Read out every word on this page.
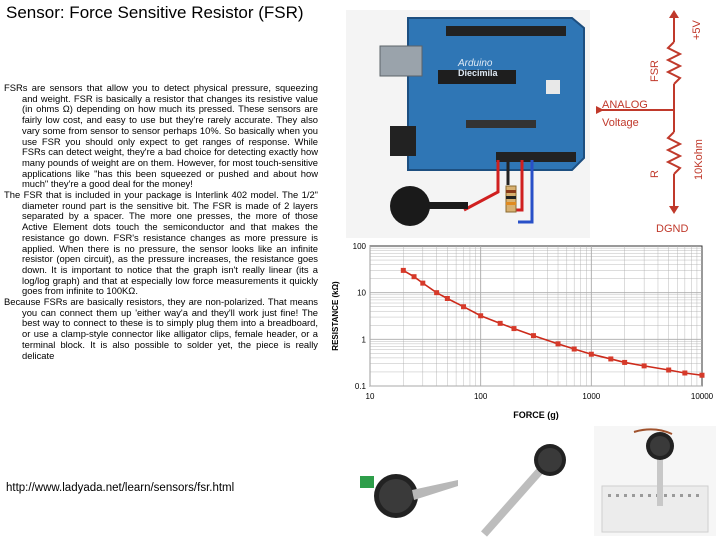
Sensor: Force Sensitive Resistor (FSR)

FSRs are sensors that allow you to detect physical pressure, squeezing and weight. FSR is basically a resistor that changes its resistive value (in ohms Ω) depending on how much its pressed. These sensors are fairly low cost, and easy to use but they're rarely accurate. They also vary some from sensor to sensor perhaps 10%. So basically when you use FSR you should only expect to get ranges of response. While FSRs can detect weight, they're a bad choice for detecting exactly how many pounds of weight are on them. However, for most touch-sensitive applications like "has this been squeezed or pushed and about how much" they're a good deal for the money!

The FSR that is included in your package is Interlink 402 model. The 1/2" diameter round part is the sensitive bit. The FSR is made of 2 layers separated by a spacer. The more one presses, the more of those Active Element dots touch the semiconductor and that makes the resistance go down. FSR's resistance changes as more pressure is applied. When there is no pressure, the sensor looks like an infinite resistor (open circuit), as the pressure increases, the resistance goes down. It is important to notice that the graph isn't really linear (its a log/log graph) and that at especially low force measurements it quickly goes from infinite to 100KΩ.

Because FSRs are basically resistors, they are non-polarized. That means you can connect them up 'either way'a and they'll work just fine! The best way to connect to these is to simply plug them into a breadboard, or use a clamp-style connector like alligator clips, female header, or a terminal block. It is also possible to solder yet, the piece is really delicate

http://www.ladyada.net/learn/sensors/fsr.html
Arduino
Diecimila
+5V
FSR
ANALOG
Voltage
R	10Kohm
DGND
10	100	1000	10000
100
10
1
0.1
FORCE (g)
RESISTANCE (kΩ)
